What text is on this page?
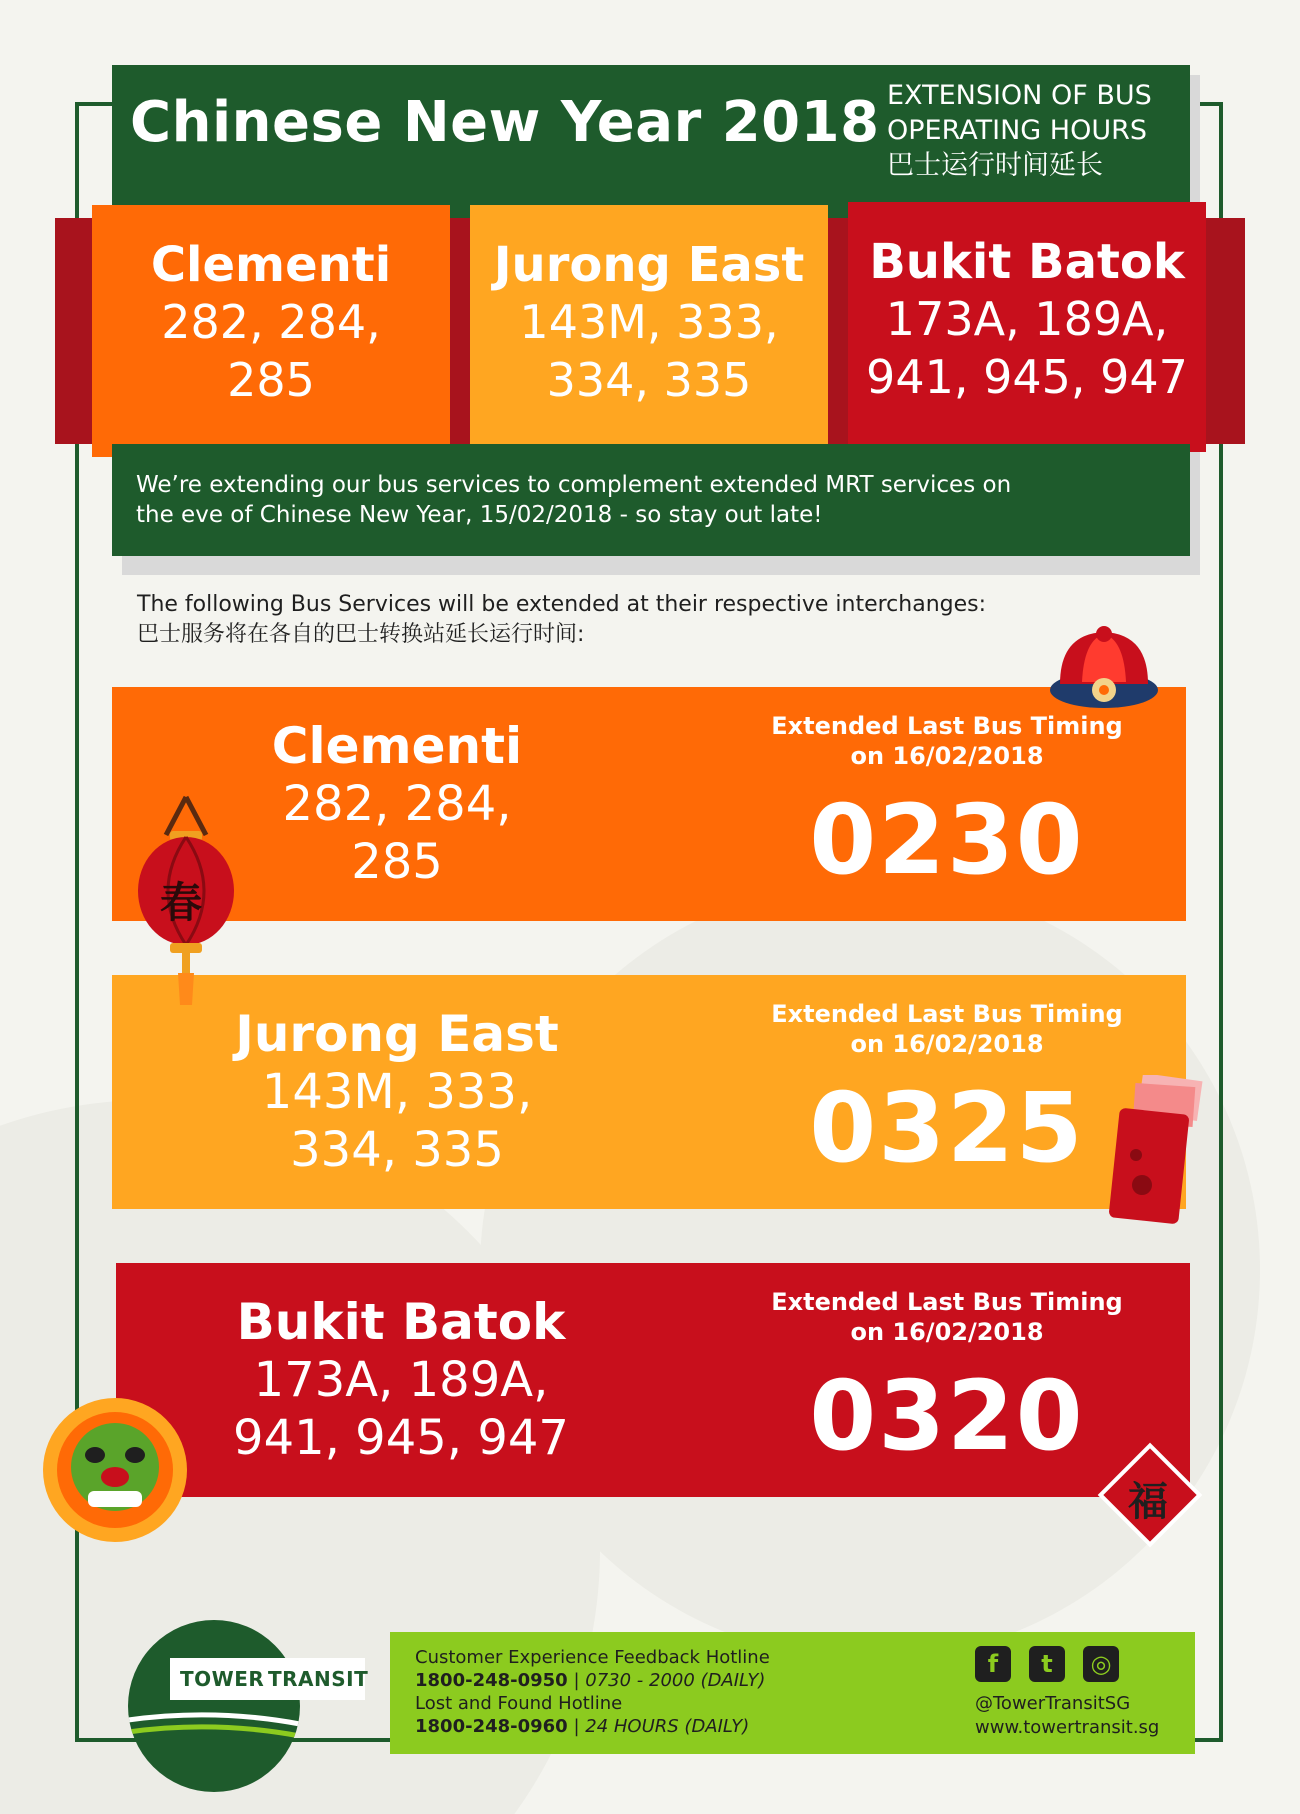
Chinese New Year 2018 EXTENSION OF BUS
OPERATING HOURS
巴士运行时间延长
Clementi
282, 284,
285
Jurong East
143M, 333,
334, 335
Bukit Batok
173A, 189A,
941, 945, 947
We’re extending our bus services to complement extended MRT services on
the eve of Chinese New Year, 15/02/2018 - so stay out late!
The following Bus Services will be extended at their respective interchanges:
巴士服务将在各自的巴士转换站延长运行时间:
Clementi
282, 284,
285
Extended Last Bus Timing
on 16/02/2018
0230
Jurong East
143M, 333,
334, 335
Extended Last Bus Timing
on 16/02/2018
0325
Bukit Batok
173A, 189A,
941, 945, 947
Extended Last Bus Timing
on 16/02/2018
0320
春
福
TOWER TRANSIT
Customer Experience Feedback Hotline
1800-248-0950 | 0730 - 2000 (DAILY)
Lost and Found Hotline
1800-248-0960 | 24 HOURS (DAILY)
f	t	◎
@TowerTransitSG
www.towertransit.sg
